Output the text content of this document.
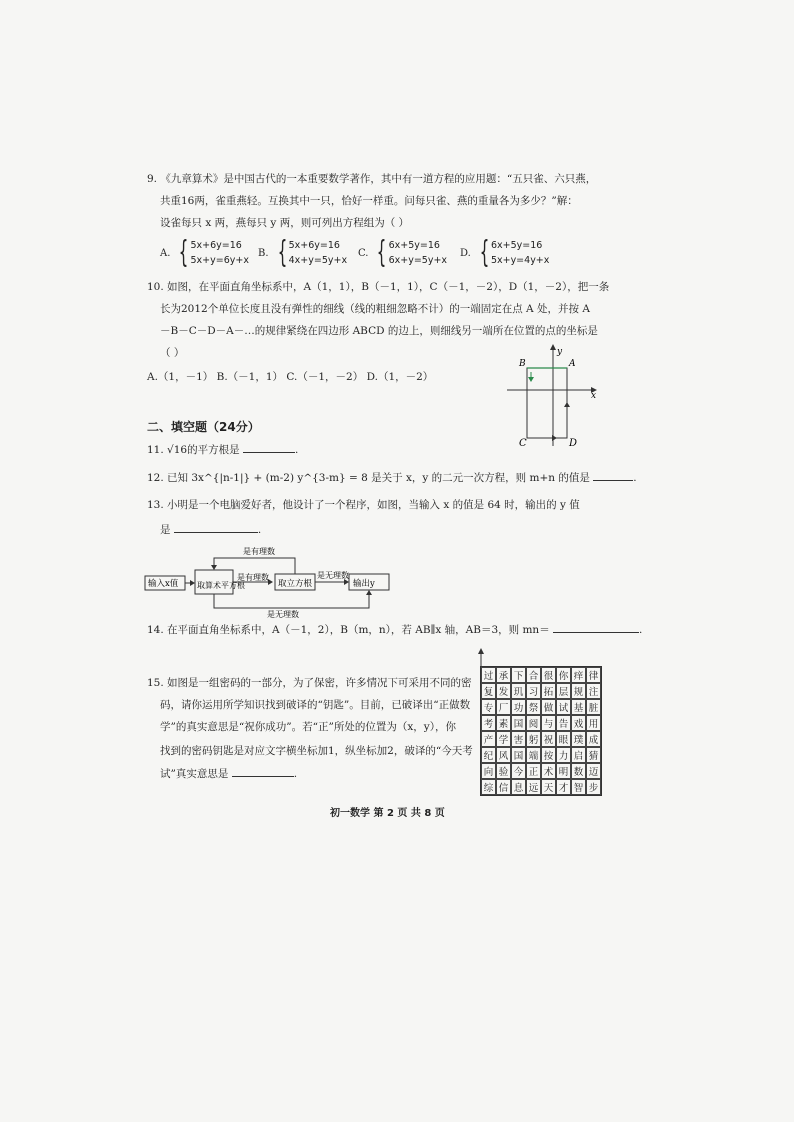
9. 《九章算术》是中国古代的一本重要数学著作，其中有一道方程的应用题：“五只雀、六只燕，
共重16两，雀重燕轻。互换其中一只，恰好一样重。问每只雀、燕的重量各为多少？”解：
设雀每只 x 两，燕每只 y 两，则可列出方程组为（ ）
A. { 5x+6y=16
5x+y=6y+x
B. { 5x+6y=16
4x+y=5y+x
C. { 6x+5y=16
6x+y=5y+x
D. { 6x+5y=16
5x+y=4y+x
10. 如图，在平面直角坐标系中，A（1，1），B（－1，1），C（－1，－2），D（1，－2），把一条
长为2012个单位长度且没有弹性的细线（线的粗细忽略不计）的一端固定在点 A 处，并按 A
－B－C－D－A－…的规律紧绕在四边形 ABCD 的边上，则细线另一端所在位置的点的坐标是
（ ）
A.（1，－1） B.（－1，1） C.（－1，－2） D.（1，－2）
y
x
B	A
C	D
二、填空题（24分）
11. √16的平方根是	.
12. 已知 3x^{|n-1|} + (m-2) y^{3-m} = 8 是关于 x，y 的二元一次方程，则 m+n 的值是	.
13. 小明是一个电脑爱好者，他设计了一个程序，如图，当输入 x 的值是 64 时，输出的 y 值
是	.
输入x值 取算术平方根
是有理数
取立方根
是无理数
输出y
是有理数
是无理数
14. 在平面直角坐标系中，A（－1，2），B（m，n），若 AB∥x 轴，AB＝3，则 mn＝	.
15. 如图是一组密码的一部分，为了保密，许多情况下可采用不同的密
码，请你运用所学知识找到破译的“钥匙”。目前，已破译出“正做数
学”的真实意思是“祝你成功”。若“正”所处的位置为（x，y），你
找到的密码钥匙是对应文字横坐标加1，纵坐标加2，破译的“今天考
试”真实意思是	.
过 承 下 合 很 你 痒 律
复 发 玑 习 拓 层 规 注
专 厂 功 祭 做 试 基 脏
考 素 国 阅 与 告 戏 用
产 学 害 躬 祝 眼 璞 成
纪 风 国 端 按 力 启 猜
向 验 今 正 术 明 数 迈
综 信 息 远 天 才 智 步
初一数学 第 2 页 共 8 页
